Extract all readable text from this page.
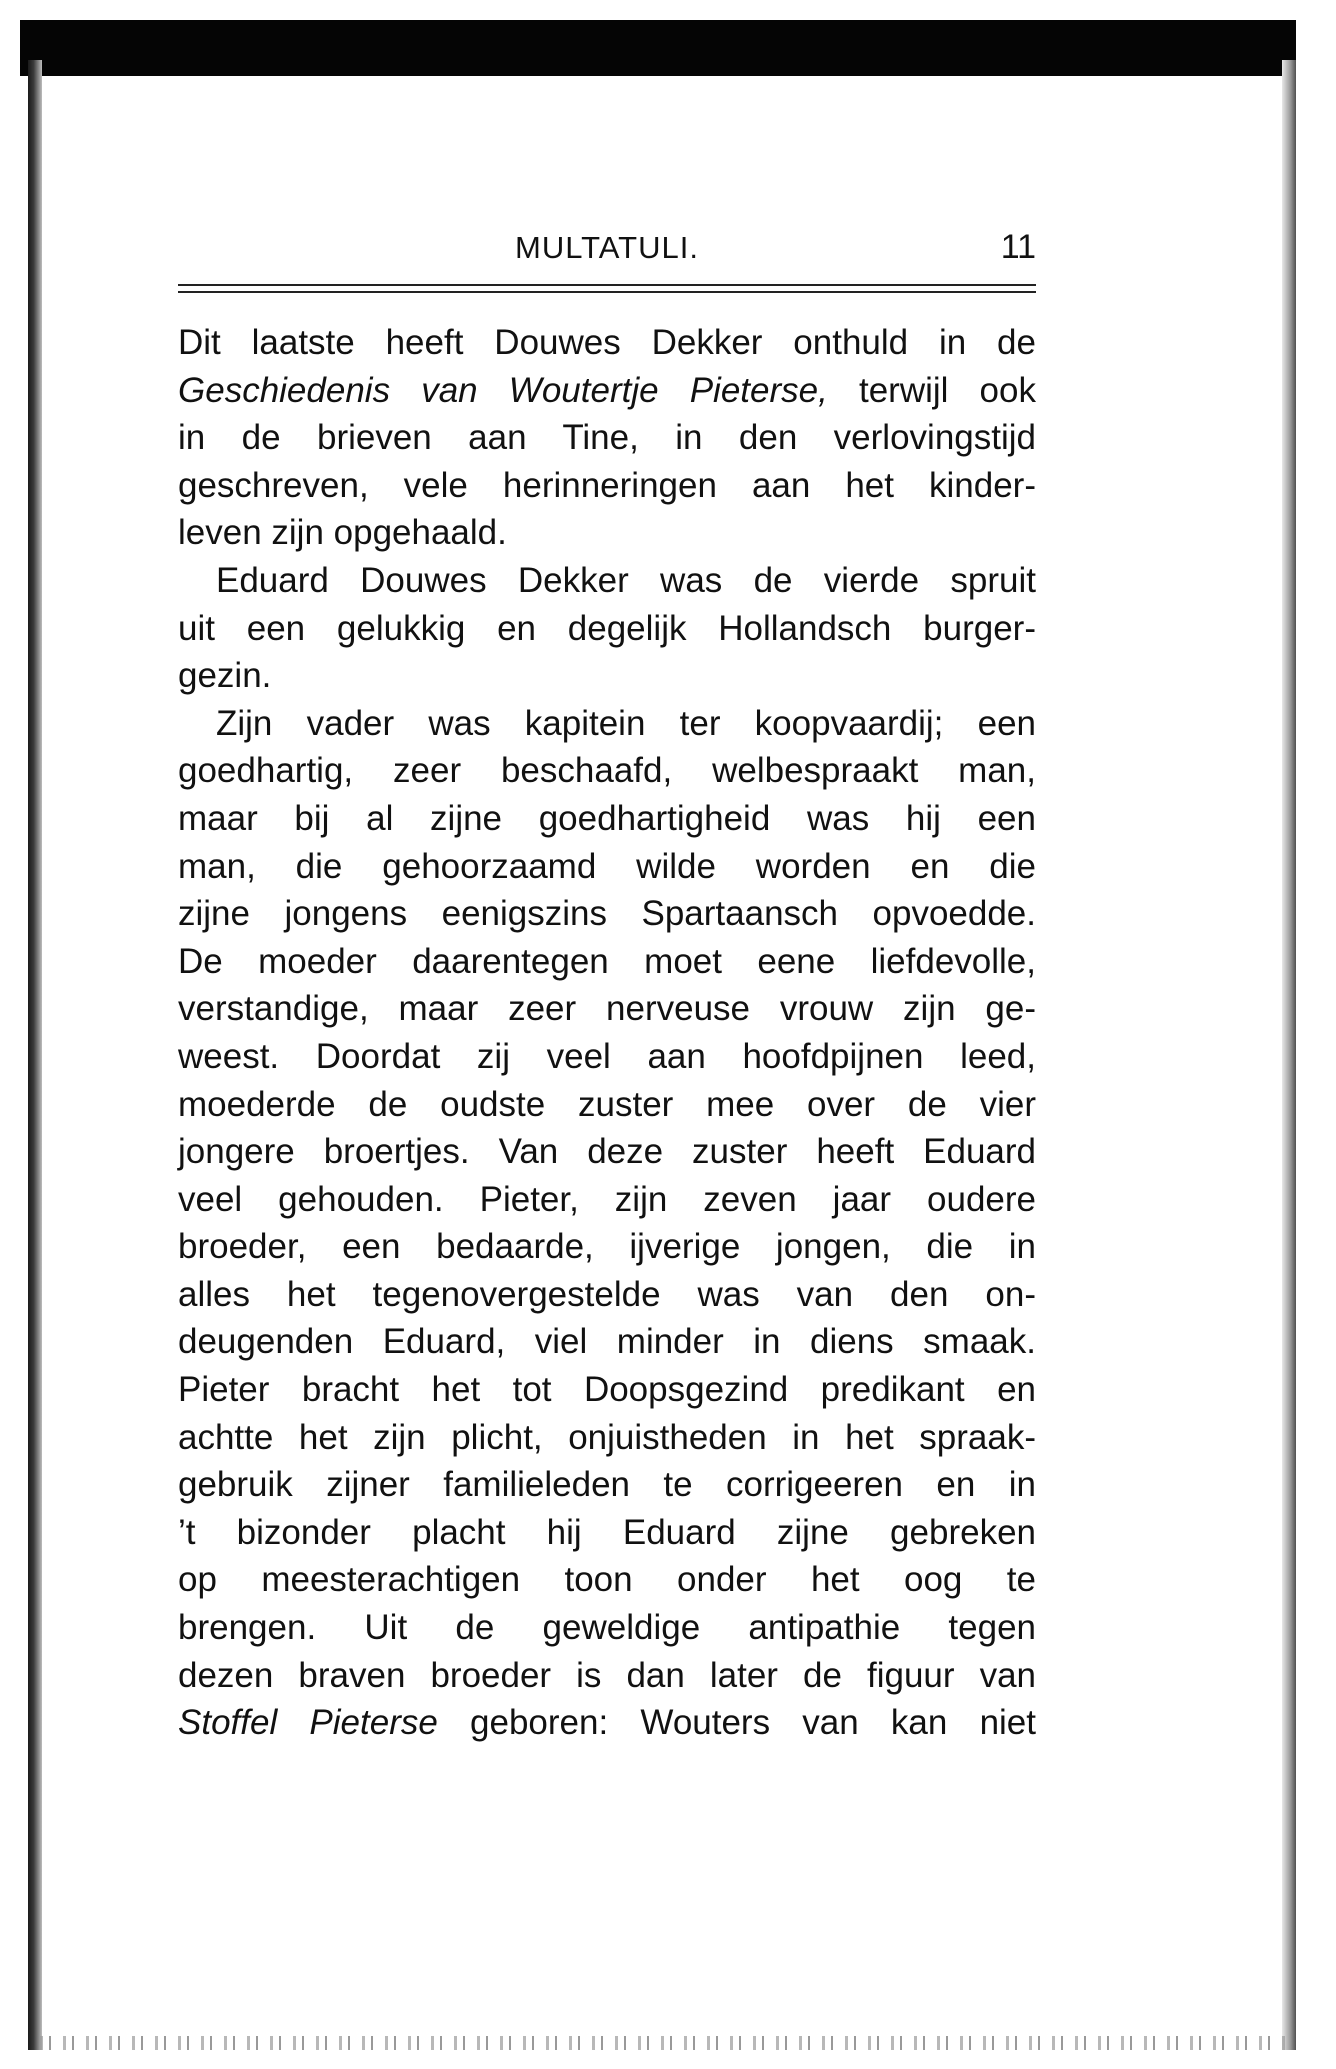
MULTATULI.	11
Dit laatste heeft Douwes Dekker onthuld in de
Geschiedenis van Woutertje Pieterse, terwijl ook
in de brieven aan Tine, in den verlovingstijd
geschreven, vele herinneringen aan het kinder-
leven zijn opgehaald.
Eduard Douwes Dekker was de vierde spruit
uit een gelukkig en degelijk Hollandsch burger-
gezin.
Zijn vader was kapitein ter koopvaardij; een
goedhartig, zeer beschaafd, welbespraakt man,
maar bij al zijne goedhartigheid was hij een
man, die gehoorzaamd wilde worden en die
zijne jongens eenigszins Spartaansch opvoedde.
De moeder daarentegen moet eene liefdevolle,
verstandige, maar zeer nerveuse vrouw zijn ge-
weest. Doordat zij veel aan hoofdpijnen leed,
moederde de oudste zuster mee over de vier
jongere broertjes. Van deze zuster heeft Eduard
veel gehouden. Pieter, zijn zeven jaar oudere
broeder, een bedaarde, ijverige jongen, die in
alles het tegenovergestelde was van den on-
deugenden Eduard, viel minder in diens smaak.
Pieter bracht het tot Doopsgezind predikant en
achtte het zijn plicht, onjuistheden in het spraak-
gebruik zijner familieleden te corrigeeren en in
’t bizonder placht hij Eduard zijne gebreken
op meesterachtigen toon onder het oog te
brengen. Uit de geweldige antipathie tegen
dezen braven broeder is dan later de figuur van
Stoffel Pieterse geboren: Wouters van kan niet
